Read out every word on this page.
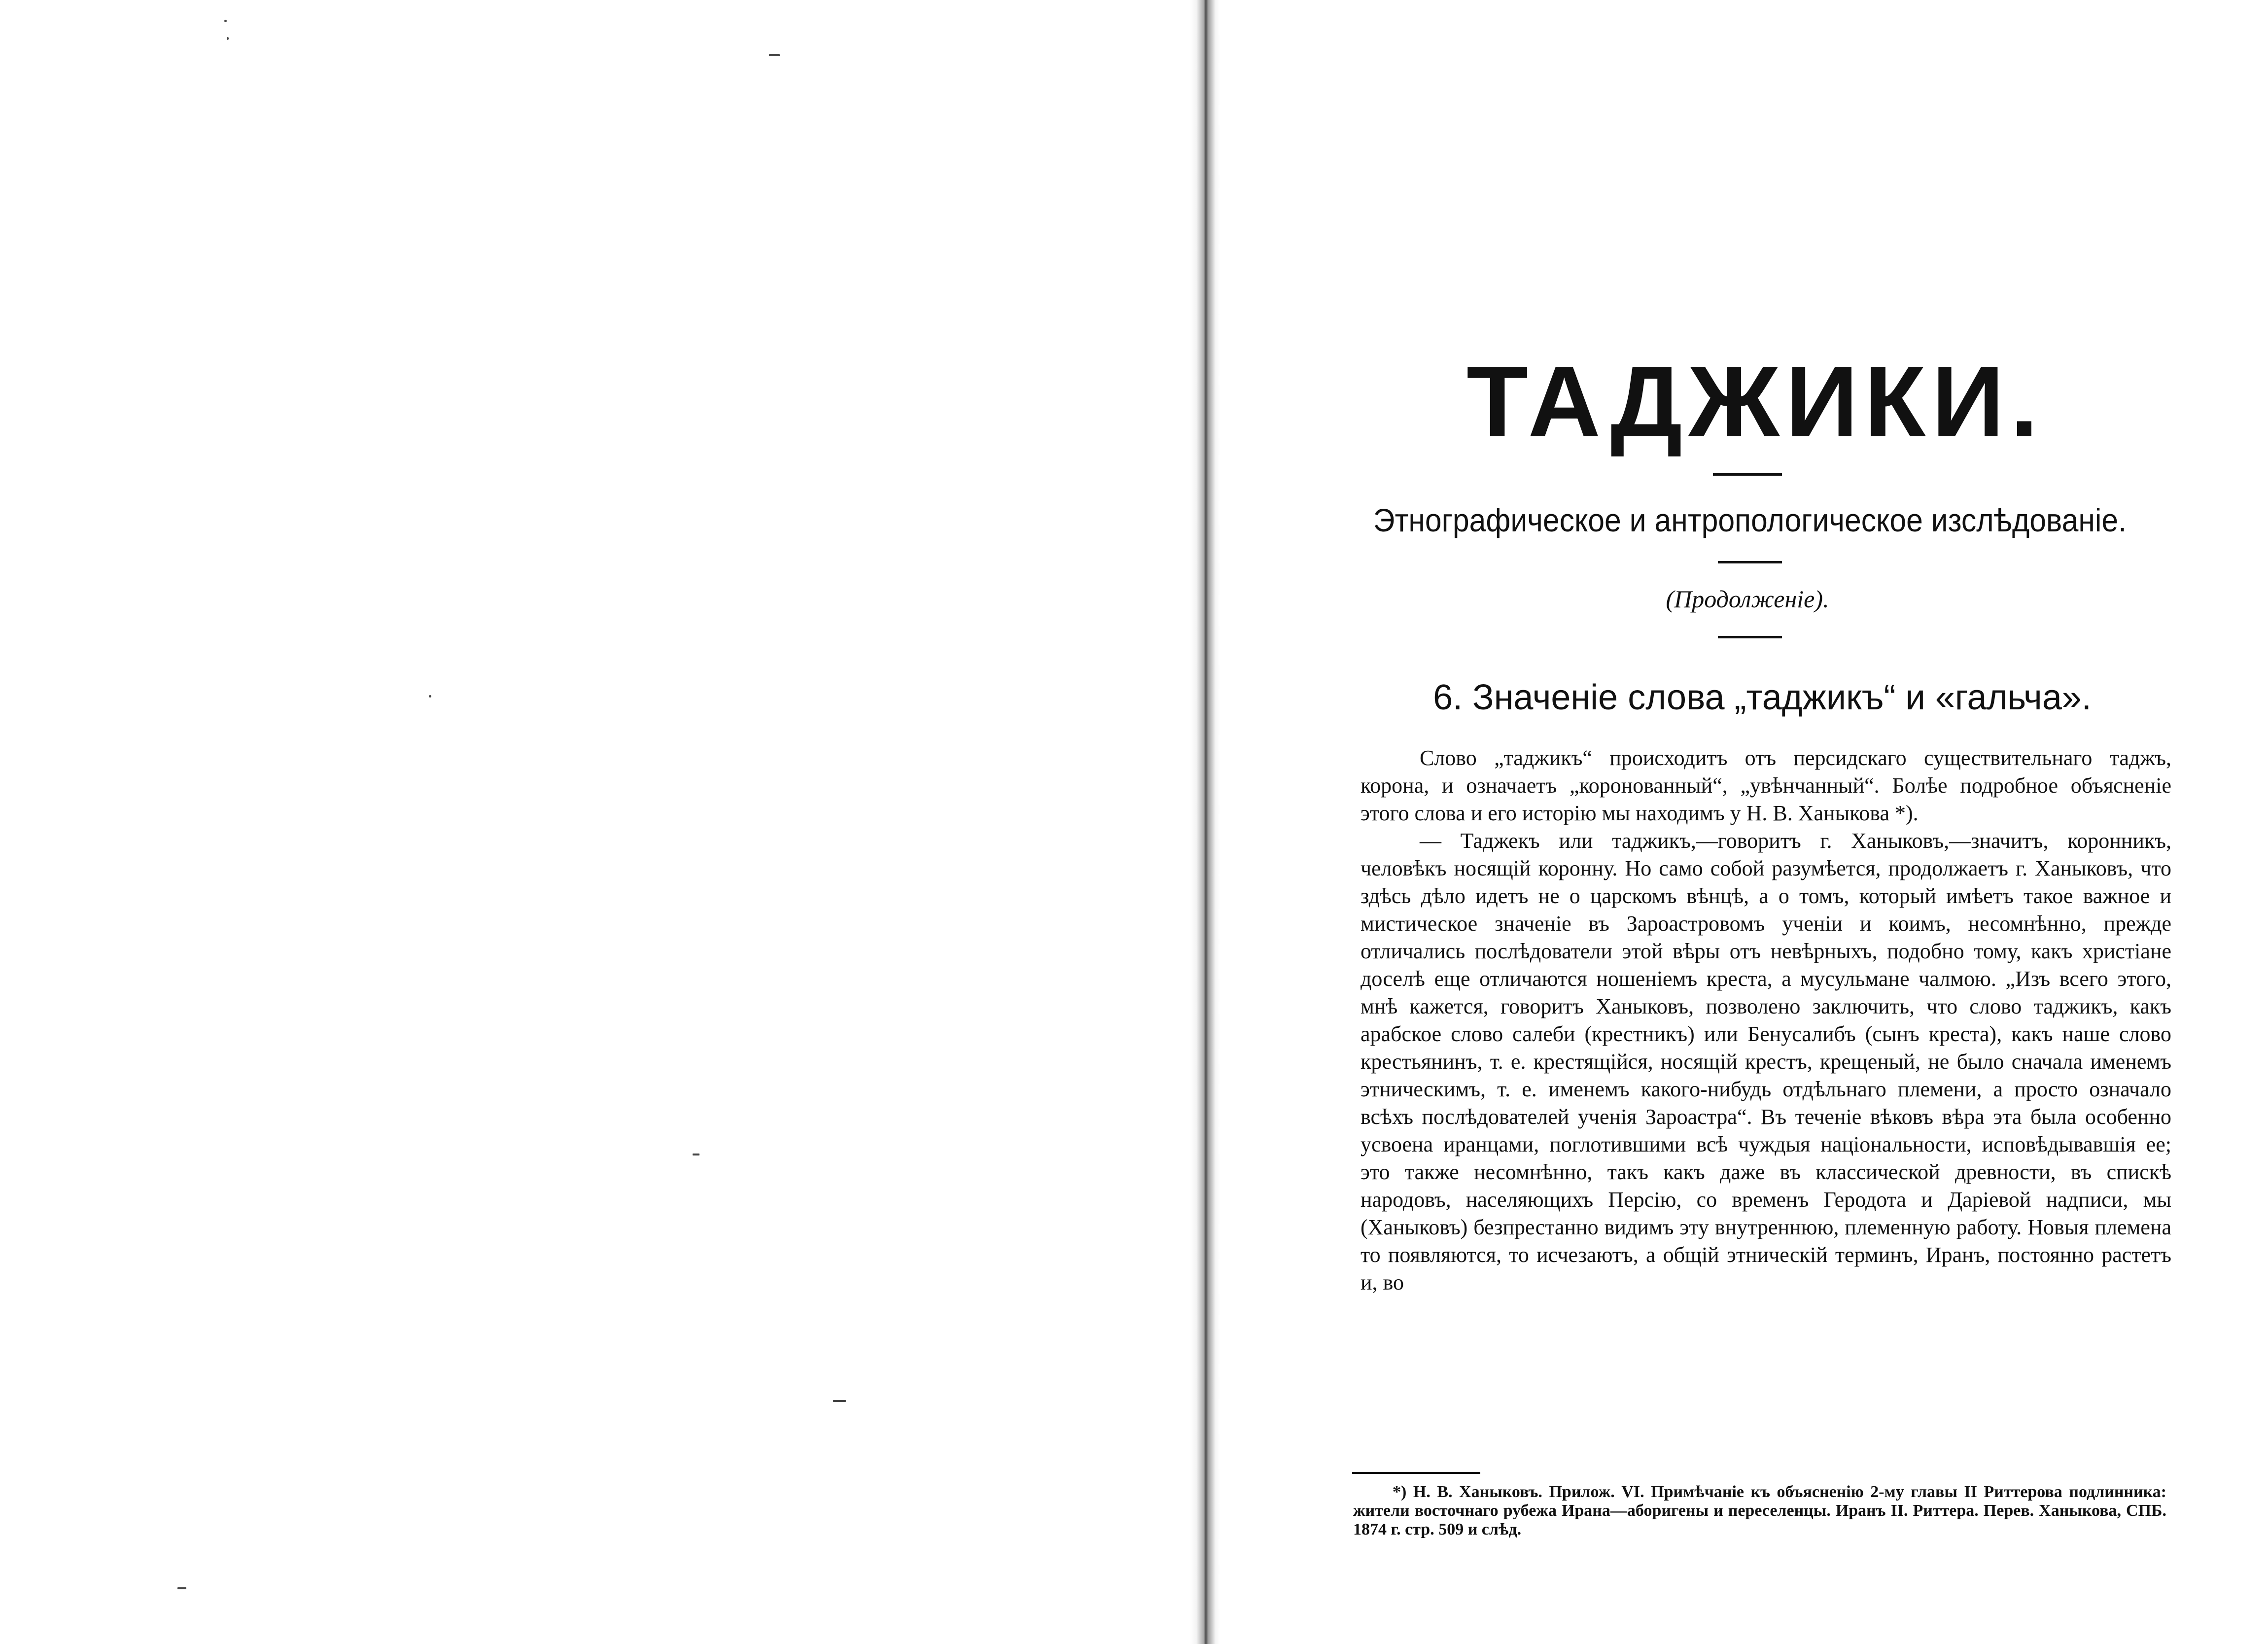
ТАДЖИКИ.
Этнографическое и антропологическое изслѣдованіе.
(Продолженіе).
6. Значеніе слова „таджикъ“ и «гальча».

Слово „таджикъ“ происходитъ отъ персидскаго существительнаго таджъ, корона, и означаетъ „коронованный“, „увѣнчанный“. Болѣе подробное объясненіе этого слова и его исторію мы находимъ у Н. В. Ханыкова *).

— Таджекъ или таджикъ,—говоритъ г. Ханыковъ,—значитъ, коронникъ, человѣкъ носящій коронну. Но само собой разумѣется, продолжаетъ г. Ханыковъ, что здѣсь дѣло идетъ не о царскомъ вѣнцѣ, а о томъ, который имѣетъ такое важное и мистическое значеніе въ Зароастровомъ ученіи и коимъ, несомнѣнно, прежде отличались послѣдователи этой вѣры отъ невѣрныхъ, подобно тому, какъ христiане доселѣ еще отличаются ношеніемъ креста, а мусульмане чалмою. „Изъ всего этого, мнѣ кажется, говоритъ Ханыковъ, позволено заключить, что слово таджикъ, какъ арабское слово салеби (крестникъ) или Бенусалибъ (сынъ креста), какъ наше слово крестьянинъ, т. е. крестящійся, носящій крестъ, крещеный, не было сначала именемъ этническимъ, т. е. именемъ какого-нибудь отдѣльнаго племени, а просто означало всѣхъ послѣдователей ученія Зароастра“. Въ теченіе вѣковъ вѣра эта была особенно усвоена иранцами, поглотившими всѣ чуждыя національности, исповѣдывавшія ее; это также несомнѣнно, такъ какъ даже въ классической древности, въ спискѣ народовъ, населяющихъ Персію, со временъ Геродота и Даріевой надписи, мы (Ханыковъ) безпрестанно видимъ эту внутреннюю, племенную работу. Новыя племена то появляются, то исчезаютъ, а общій этническій терминъ, Иранъ, постоянно растетъ и, во

*) Н. В. Ханыковъ. Прилож. VI. Примѣчаніе къ объясненію 2-му главы II Риттерова подлинника: жители восточнаго рубежа Ирана—аборигены и переселенцы. Иранъ II. Риттера. Перев. Ханыкова, СПБ. 1874 г. стр. 509 и слѣд.
